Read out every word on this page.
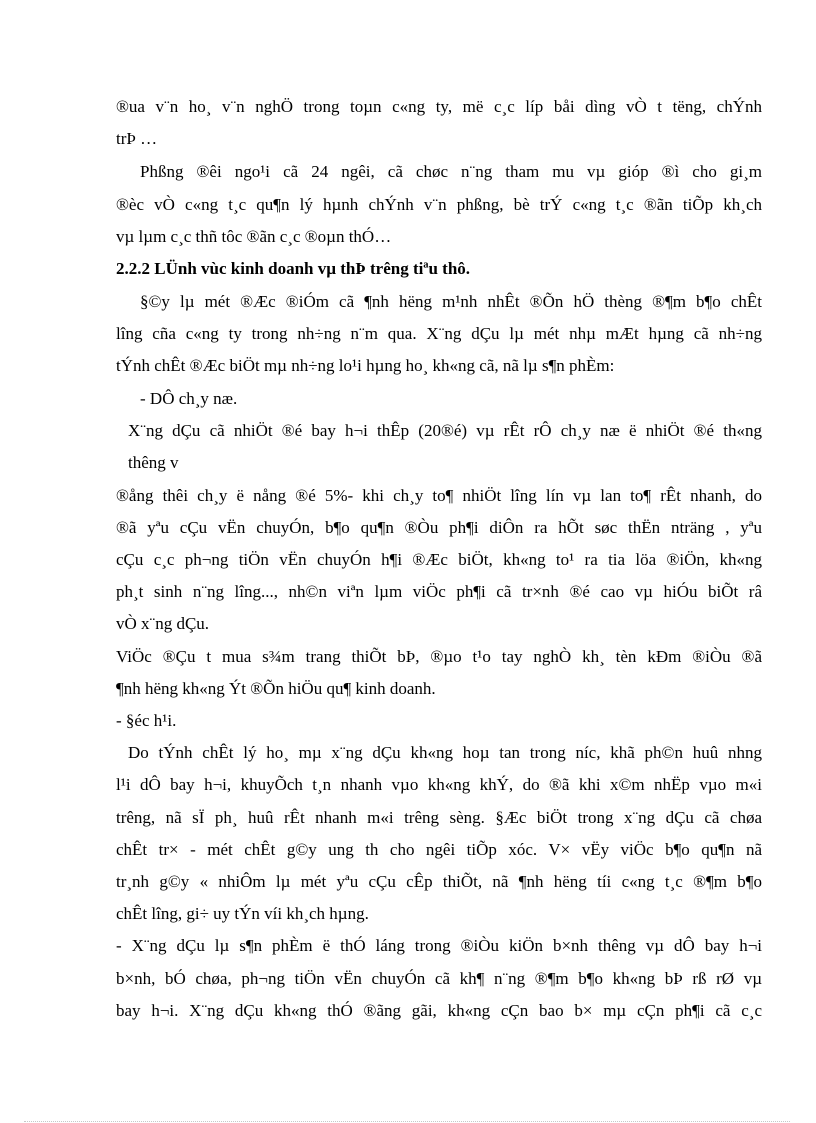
®ua v¨n ho¸ v¨n nghÖ trong toµn c«ng ty, më c¸c líp båi dìng vÒ t tëng, chÝnh
trÞ …
Phßng ®êi ngo¹i cã 24 ngêi, cã chøc n¨ng tham mu vµ gióp ®ì cho gi¸m
®èc vÒ c«ng t¸c qu¶n lý hµnh chÝnh v¨n phßng, bè trÝ c«ng t¸c ®ãn tiÕp kh¸ch
vµ lµm c¸c thñ tôc ®ãn c¸c ®oµn thÓ…
2.2.2 LÜnh vùc kinh doanh vµ thÞ trêng tiªu thô.
§©y lµ mét ®Æc ®iÓm cã ¶nh hëng m¹nh nhÊt ®Õn hÖ thèng ®¶m b¶o chÊt
lîng cña c«ng ty trong nh÷ng n¨m qua. X¨ng dÇu lµ mét nhµ mÆt hµng cã nh÷ng
tÝnh chÊt ®Æc biÖt mµ nh÷ng lo¹i hµng ho¸ kh«ng cã, nã lµ s¶n phÈm:
- DÔ ch¸y næ.
X¨ng dÇu cã nhiÖt ®é bay h¬i thÊp (20®é) vµ rÊt rÔ ch¸y næ ë nhiÖt ®é th«ng
thêng v
®ång thêi ch¸y ë nång ®é 5%- khi ch¸y to¶ nhiÖt lîng lín vµ lan to¶ rÊt nhanh, do
®ã yªu cÇu vËn chuyÓn, b¶o qu¶n ®Òu ph¶i diÔn ra hÕt søc thËn nträng , yªu
cÇu c¸c ph¬ng tiÖn vËn chuyÓn h¶i ®Æc biÖt, kh«ng to¹ ra tia löa ®iÖn, kh«ng
ph¸t sinh n¨ng lîng..., nh©n viªn lµm viÖc ph¶i cã tr×nh ®é cao vµ hiÓu biÕt râ
vÒ x¨ng dÇu.
ViÖc ®Çu t mua s¾m trang thiÕt bÞ, ®µo t¹o tay nghÒ kh¸ tèn kÐm ®iÒu ®ã
¶nh hëng kh«ng Ýt ®Õn hiÖu qu¶ kinh doanh.
- §éc h¹i.
Do tÝnh chÊt lý ho¸ mµ x¨ng dÇu kh«ng hoµ tan trong níc, khã ph©n huû nhng
l¹i dÔ bay h¬i, khuyÕch t¸n nhanh vµo kh«ng khÝ, do ®ã khi x©m nhËp vµo m«i
trêng, nã sÏ ph¸ huû rÊt nhanh m«i trêng sèng. §Æc biÖt trong x¨ng dÇu cã chøa
chÊt tr× - mét chÊt g©y ung th cho ngêi tiÕp xóc. V× vËy viÖc b¶o qu¶n nã
tr¸nh g©y « nhiÔm lµ mét yªu cÇu cÊp thiÕt, nã ¶nh hëng tíi c«ng t¸c ®¶m b¶o
chÊt lîng, gi÷ uy tÝn víi kh¸ch hµng.
- X¨ng dÇu lµ s¶n phÈm ë thÓ láng trong ®iÒu kiÖn b×nh thêng vµ dÔ bay h¬i
b×nh, bÓ chøa, ph¬ng tiÖn vËn chuyÓn cã kh¶ n¨ng ®¶m b¶o kh«ng bÞ rß rØ vµ
bay h¬i. X¨ng dÇu kh«ng thÓ ®ãng gãi, kh«ng cÇn bao b× mµ cÇn ph¶i cã c¸c
